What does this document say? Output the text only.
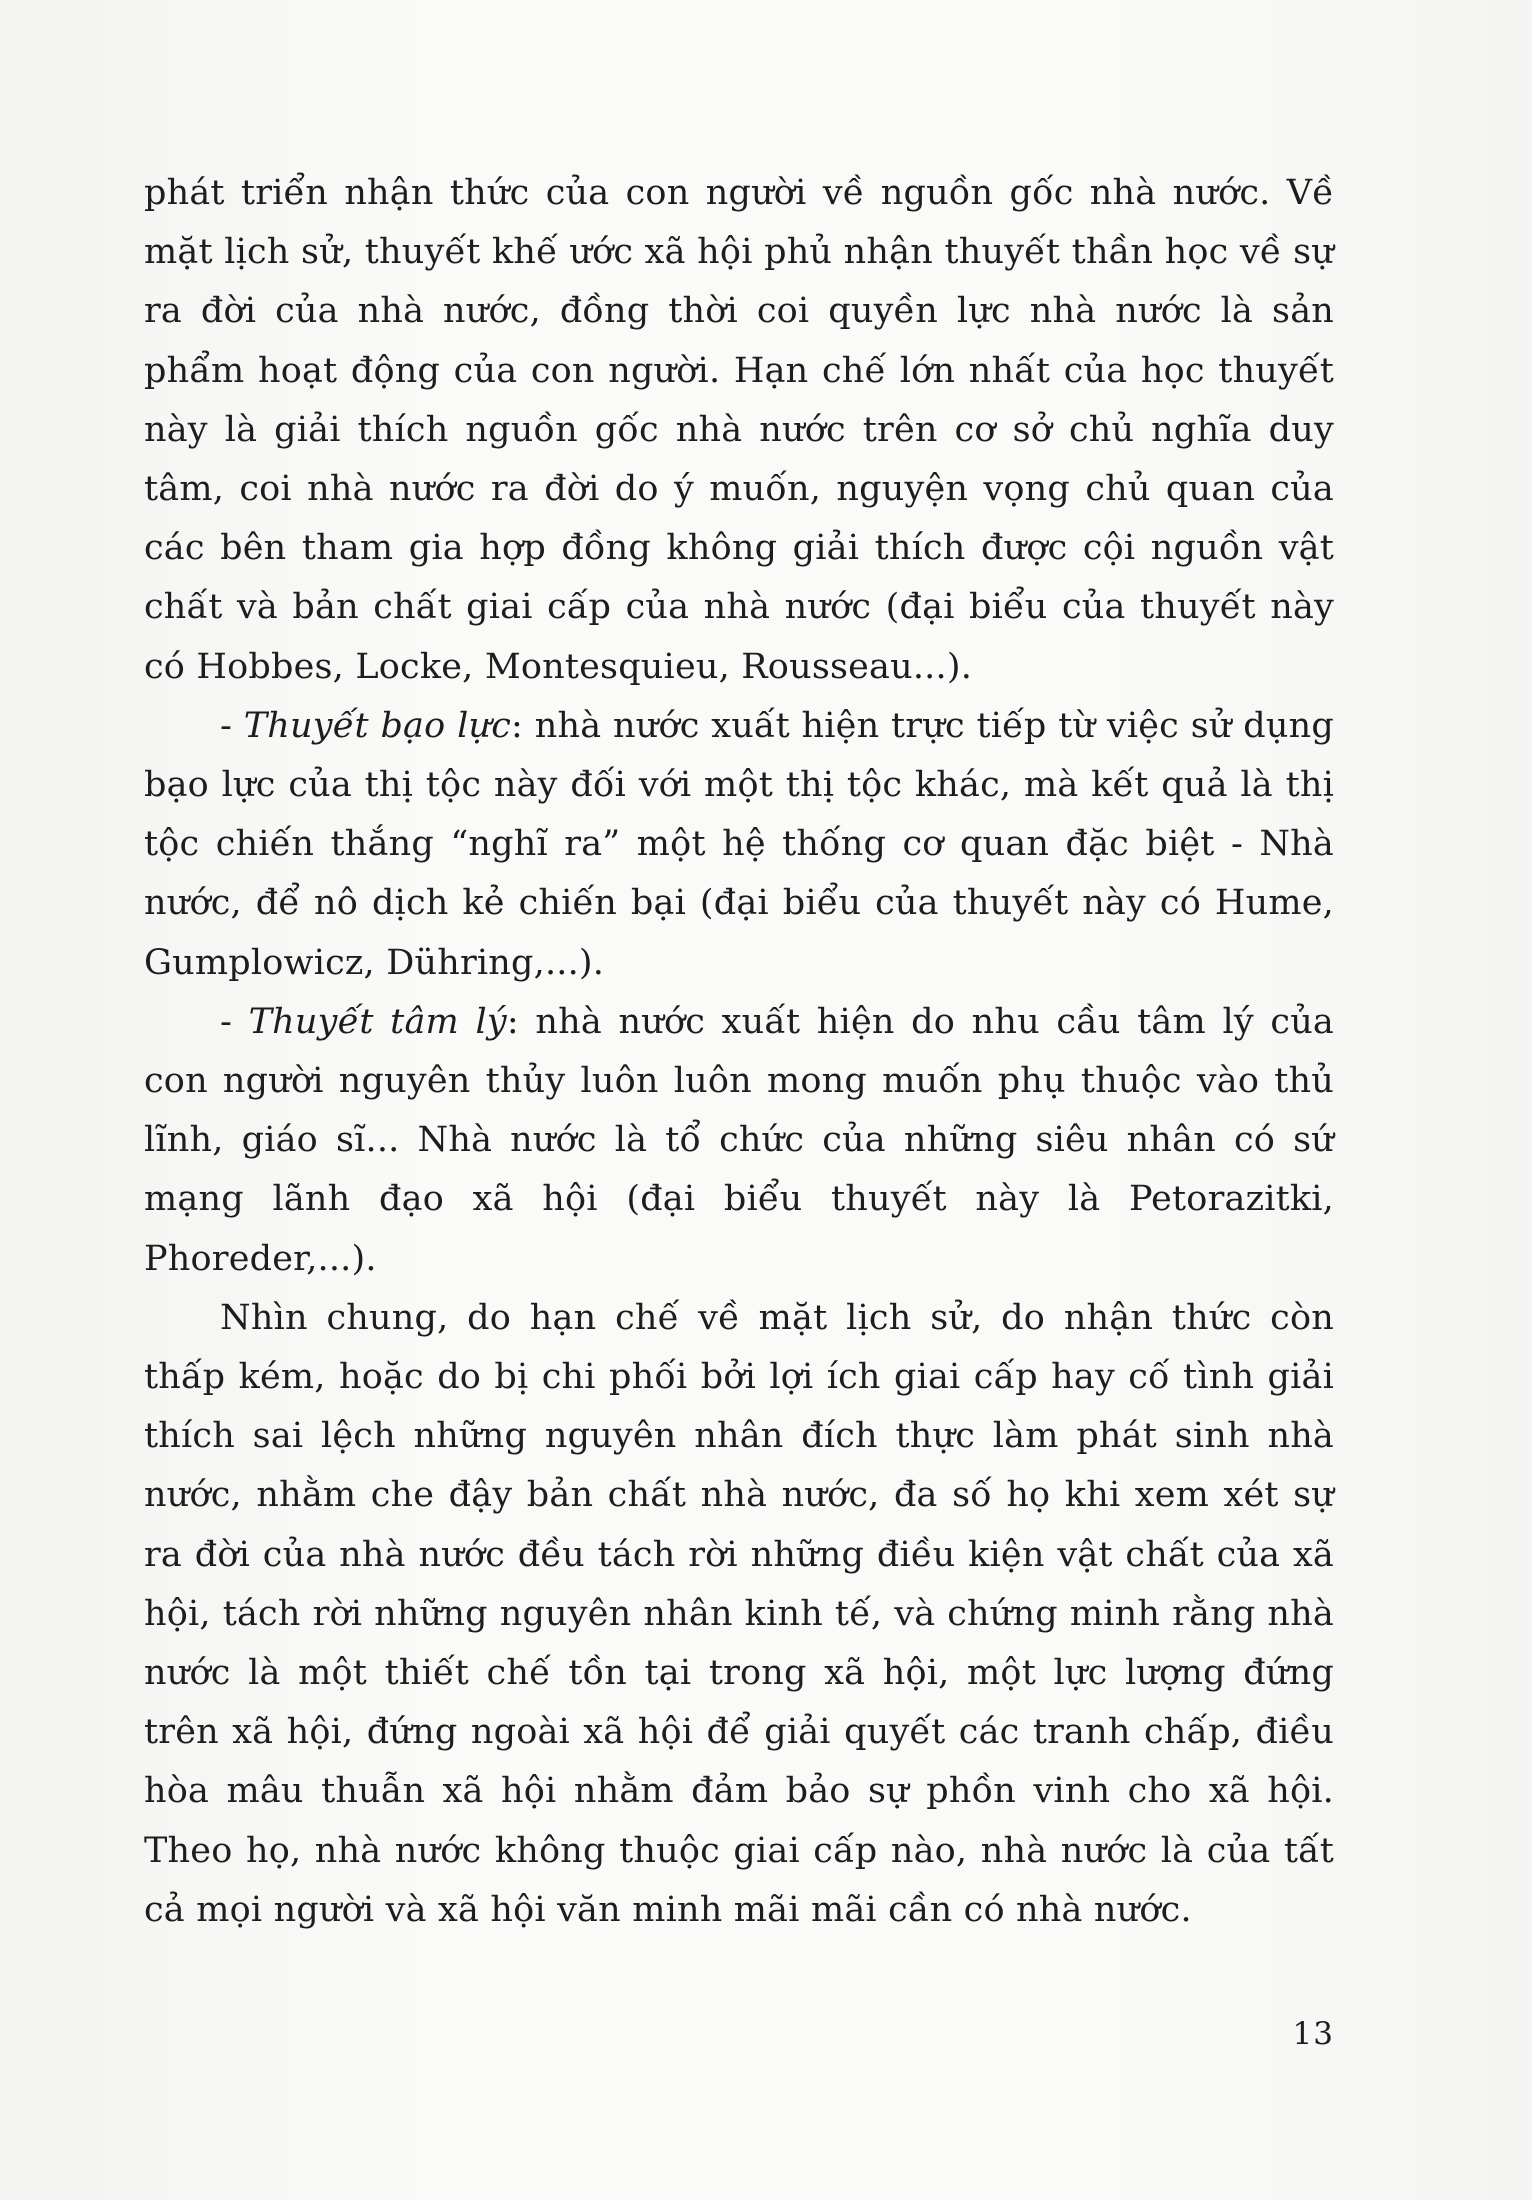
phát triển nhận thức của con người về nguồn gốc nhà nước. Về mặt lịch sử, thuyết khế ước xã hội phủ nhận thuyết thần học về sự ra đời của nhà nước, đồng thời coi quyền lực nhà nước là sản phẩm hoạt động của con người. Hạn chế lớn nhất của học thuyết này là giải thích nguồn gốc nhà nước trên cơ sở chủ nghĩa duy tâm, coi nhà nước ra đời do ý muốn, nguyện vọng chủ quan của các bên tham gia hợp đồng không giải thích được cội nguồn vật chất và bản chất giai cấp của nhà nước (đại biểu của thuyết này có Hobbes, Locke, Montesquieu, Rousseau...).

- Thuyết bạo lực: nhà nước xuất hiện trực tiếp từ việc sử dụng bạo lực của thị tộc này đối với một thị tộc khác, mà kết quả là thị tộc chiến thắng “nghĩ ra” một hệ thống cơ quan đặc biệt - Nhà nước, để nô dịch kẻ chiến bại (đại biểu của thuyết này có Hume, Gumplowicz, Dühring,...).

- Thuyết tâm lý: nhà nước xuất hiện do nhu cầu tâm lý của con người nguyên thủy luôn luôn mong muốn phụ thuộc vào thủ lĩnh, giáo sĩ... Nhà nước là tổ chức của những siêu nhân có sứ mạng lãnh đạo xã hội (đại biểu thuyết này là Petorazitki, Phoreder,...).

Nhìn chung, do hạn chế về mặt lịch sử, do nhận thức còn thấp kém, hoặc do bị chi phối bởi lợi ích giai cấp hay cố tình giải thích sai lệch những nguyên nhân đích thực làm phát sinh nhà nước, nhằm che đậy bản chất nhà nước, đa số họ khi xem xét sự ra đời của nhà nước đều tách rời những điều kiện vật chất của xã hội, tách rời những nguyên nhân kinh tế, và chứng minh rằng nhà nước là một thiết chế tồn tại trong xã hội, một lực lượng đứng trên xã hội, đứng ngoài xã hội để giải quyết các tranh chấp, điều hòa mâu thuẫn xã hội nhằm đảm bảo sự phồn vinh cho xã hội. Theo họ, nhà nước không thuộc giai cấp nào, nhà nước là của tất cả mọi người và xã hội văn minh mãi mãi cần có nhà nước.

13
